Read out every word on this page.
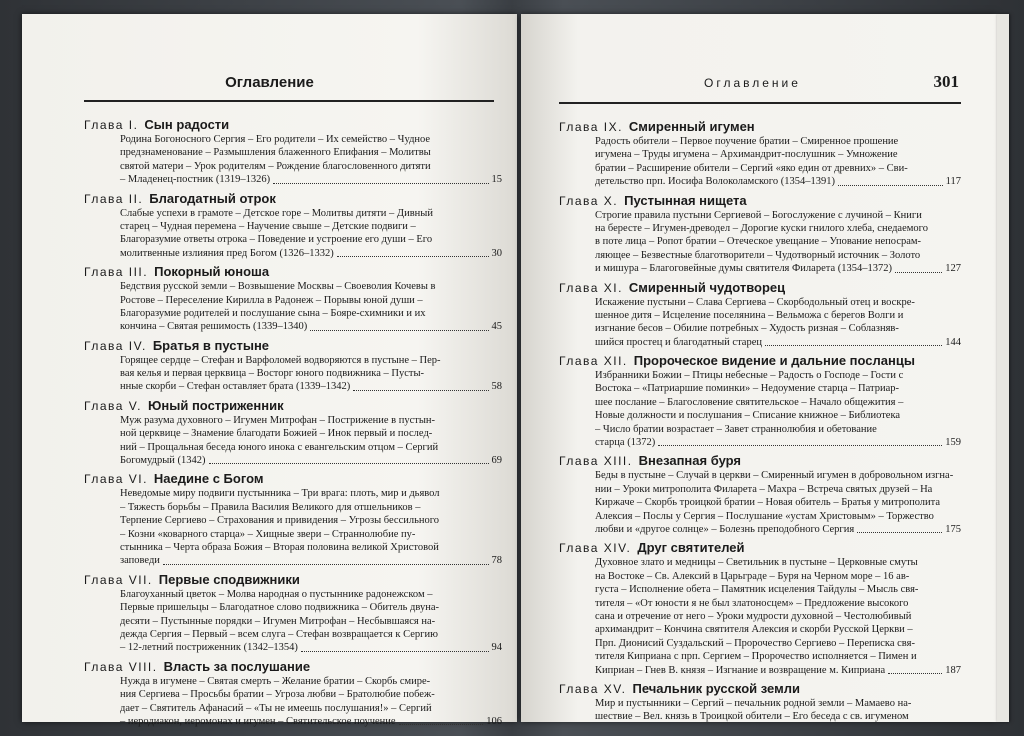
Оглавление
Глава I. Сын радости
Родина Богоносного Сергия – Его родители – Их семейство – Чудное
предзнаменование – Размышления блаженного Епифания – Молитвы
святой матери – Урок родителям – Рождение благословенного дитяти
– Младенец-постник (1319–1326)	15
Глава II. Благодатный отрок
Слабые успехи в грамоте – Детское горе – Молитвы дитяти – Дивный
старец – Чудная перемена – Научение свыше – Детские подвиги –
Благоразумие ответы отрока – Поведение и устроение его души – Его
молитвенные излияния пред Богом (1326–1332)	30
Глава III. Покорный юноша
Бедствия русской земли – Возвышение Москвы – Своеволия Кочевы в
Ростове – Переселение Кирилла в Радонеж – Порывы юной души –
Благоразумие родителей и послушание сына – Бояре-схимники и их
кончина – Святая решимость (1339–1340)	45
Глава IV. Братья в пустыне
Горящее сердце – Стефан и Варфоломей водворяются в пустыне – Пер-
вая келья и первая церквица – Восторг юного подвижника – Пусты-
нные скорби – Стефан оставляет брата (1339–1342)	58
Глава V. Юный постриженник
Муж разума духовного – Игумен Митрофан – Пострижение в пустын-
ной церквице – Знамение благодати Божией – Инок первый и послед-
ний – Прощальная беседа юного инока с евангельским отцом – Сергий
Богомудрый (1342)	69
Глава VI. Наедине с Богом
Неведомые миру подвиги пустынника – Три врага: плоть, мир и дьявол
– Тяжесть борьбы – Правила Василия Великого для отшельников –
Терпение Сергиево – Страхования и привидения – Угрозы бессильного
– Козни «коварного старца» – Хищные звери – Страннолюбие пу-
стынника – Черта образа Божия – Вторая половина великой Христовой
заповеди	78
Глава VII. Первые сподвижники
Благоуханный цветок – Молва народная о пустыннике радонежском –
Первые пришельцы – Благодатное слово подвижника – Обитель двуна-
десяти – Пустынные порядки – Игумен Митрофан – Несбывшаяся на-
дежда Сергия – Первый – всем слуга – Стефан возвращается к Сергию
– 12-летний постриженник (1342–1354)	94
Глава VIII. Власть за послушание
Нужда в игумене – Святая смерть – Желание братии – Скорбь смире-
ния Сергиева – Просьбы братии – Угроза любви – Братолюбие побеж-
дает – Святитель Афанасий – «Ты не имеешь послушания!» – Сергий
– иеродиакон, иеромонах и игумен – Святительское поучение	106
Оглавление	301
Глава IX. Смиренный игумен
Радость обители – Первое поучение братии – Смиренное прошение
игумена – Труды игумена – Архимандрит-послушник – Умножение
братии – Расширение обители – Сергий «яко един от древних» – Сви-
детельство прп. Иосифа Волоколамского (1354–1391)	117
Глава X. Пустынная нищета
Строгие правила пустыни Сергиевой – Богослужение с лучиной – Книги
на бересте – Игумен-древодел – Дорогие куски гнилого хлеба, снедаемого
в поте лица – Ропот братии – Отеческое увещание – Упование непосрам-
ляющее – Безвестные благотворители – Чудотворный источник – Золото
и мишура – Благоговейные думы святителя Филарета (1354–1372)	127
Глава XI. Смиренный чудотворец
Искажение пустыни – Слава Сергиева – Скорбодольный отец и воскре-
шенное дитя – Исцеление поселянина – Вельможа с берегов Волги и
изгнание бесов – Обилие потребных – Худость ризная – Соблазняв-
шийся простец и благодатный старец	144
Глава XII. Пророческое видение и дальние посланцы
Избранники Божии – Птицы небесные – Радость о Господе – Гости с
Востока – «Патриаршие поминки» – Недоумение старца – Патриар-
шее послание – Благословение святительское – Начало общежития –
Новые должности и послушания – Списание книжное – Библиотека
– Число братии возрастает – Завет страннолюбия и обетование
старца (1372)	159
Глава XIII. Внезапная буря
Беды в пустыне – Случай в церкви – Смиренный игумен в добровольном изгна-
нии – Уроки митрополита Филарета – Махра – Встреча святых друзей – На
Киржаче – Скорбь троицкой братии – Новая обитель – Братья у митрополита
Алексия – Послы у Сергия – Послушание «устам Христовым» – Торжество
любви и «другое солнце» – Болезнь преподобного Сергия	175
Глава XIV. Друг святителей
Духовное злато и медницы – Светильник в пустыне – Церковные смуты
на Востоке – Св. Алексий в Царьграде – Буря на Черном море – 16 ав-
густа – Исполнение обета – Памятник исцеления Тайдулы – Мысль свя-
тителя – «От юности я не был златоносцем» – Предложение высокого
сана и отречение от него – Уроки мудрости духовной – Честолюбивый
архимандрит – Кончина святителя Алексия и скорби Русской Церкви –
Прп. Дионисий Суздальский – Пророчество Сергиево – Переписка свя-
тителя Киприана с прп. Сергием – Пророчество исполняется – Пимен и
Киприан – Гнев В. князя – Изгнание и возвращение м. Киприана	187
Глава XV. Печальник русской земли
Мир и пустынники – Сергий – печальник родной земли – Мамаево на-
шествие – Вел. князь в Троицкой обители – Его беседа с св. игуменом
